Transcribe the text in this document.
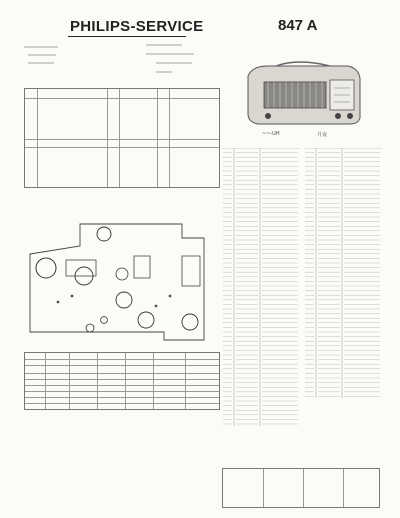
PHILIPS-SERVICE	847 A
~~-UH	月夜
